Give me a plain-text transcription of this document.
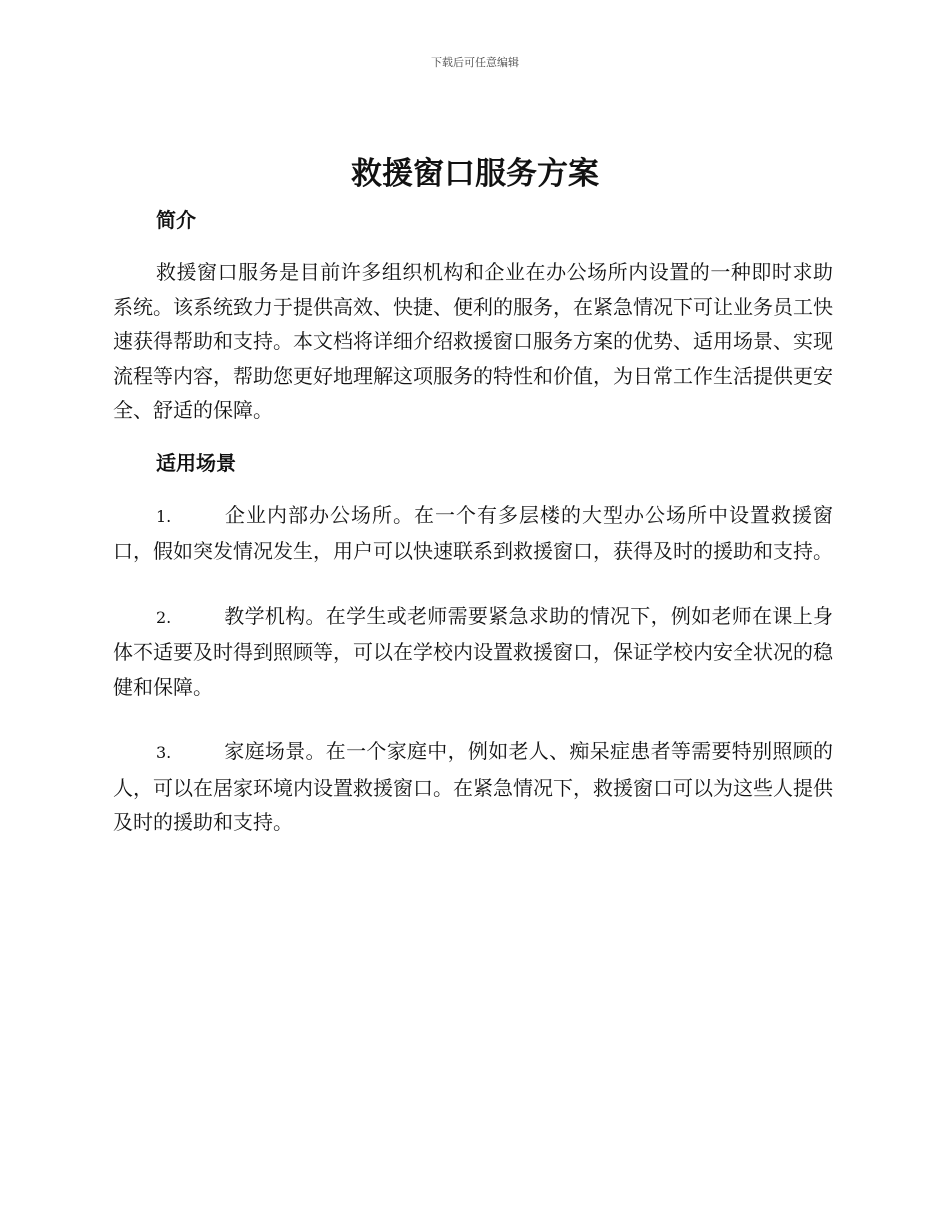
下载后可任意编辑
救援窗口服务方案
简介

救援窗口服务是目前许多组织机构和企业在办公场所内设置的一种即时求助系统。该系统致力于提供高效、快捷、便利的服务，在紧急情况下可让业务员工快速获得帮助和支持。本文档将详细介绍救援窗口服务方案的优势、适用场景、实现流程等内容，帮助您更好地理解这项服务的特性和价值，为日常工作生活提供更安全、舒适的保障。

适用场景

1.	企业内部办公场所。在一个有多层楼的大型办公场所中设置救援窗口，假如突发情况发生，用户可以快速联系到救援窗口，获得及时的援助和支持。

2.	教学机构。在学生或老师需要紧急求助的情况下，例如老师在课上身体不适要及时得到照顾等，可以在学校内设置救援窗口，保证学校内安全状况的稳健和保障。

3.	家庭场景。在一个家庭中，例如老人、痴呆症患者等需要特别照顾的人，可以在居家环境内设置救援窗口。在紧急情况下，救援窗口可以为这些人提供及时的援助和支持。
